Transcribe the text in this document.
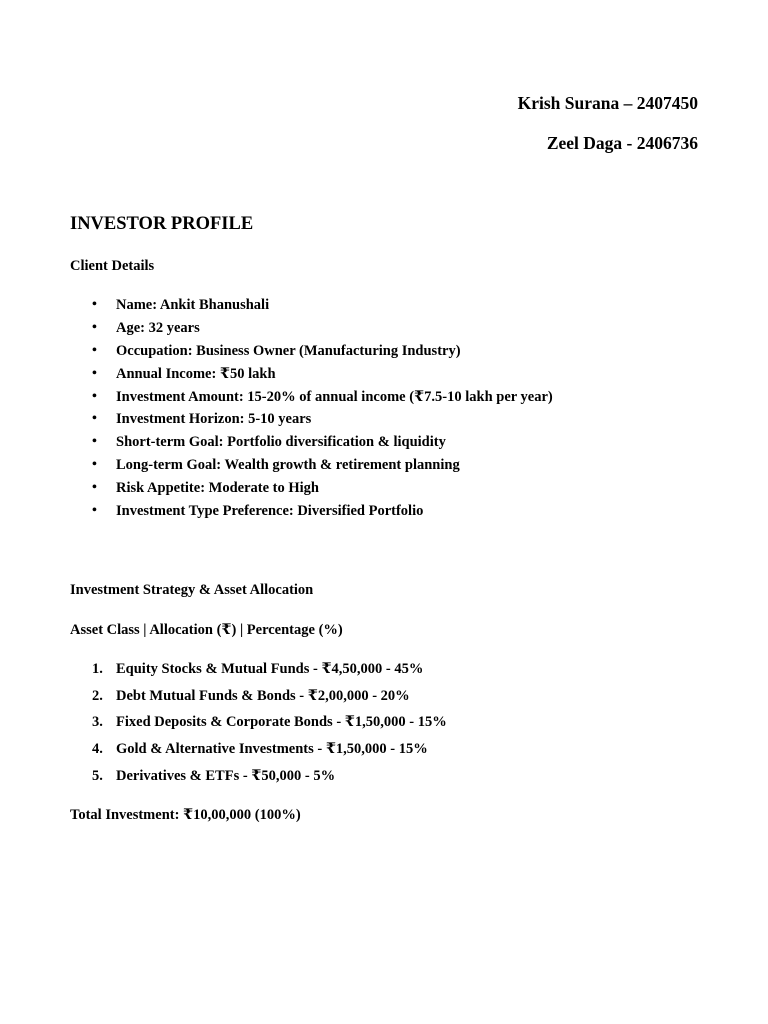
Krish Surana – 2407450
Zeel Daga - 2406736
INVESTOR PROFILE

Client Details

• Name: Ankit Bhanushali
• Age: 32 years
• Occupation: Business Owner (Manufacturing Industry)
• Annual Income: ₹50 lakh
• Investment Amount: 15-20% of annual income (₹7.5-10 lakh per year)
• Investment Horizon: 5-10 years
• Short-term Goal: Portfolio diversification & liquidity
• Long-term Goal: Wealth growth & retirement planning
• Risk Appetite: Moderate to High
• Investment Type Preference: Diversified Portfolio

Investment Strategy & Asset Allocation

Asset Class | Allocation (₹) | Percentage (%)

1. Equity Stocks & Mutual Funds - ₹4,50,000 - 45%
2. Debt Mutual Funds & Bonds - ₹2,00,000 - 20%
3. Fixed Deposits & Corporate Bonds - ₹1,50,000 - 15%
4. Gold & Alternative Investments - ₹1,50,000 - 15%
5. Derivatives & ETFs - ₹50,000 - 5%

Total Investment: ₹10,00,000 (100%)
